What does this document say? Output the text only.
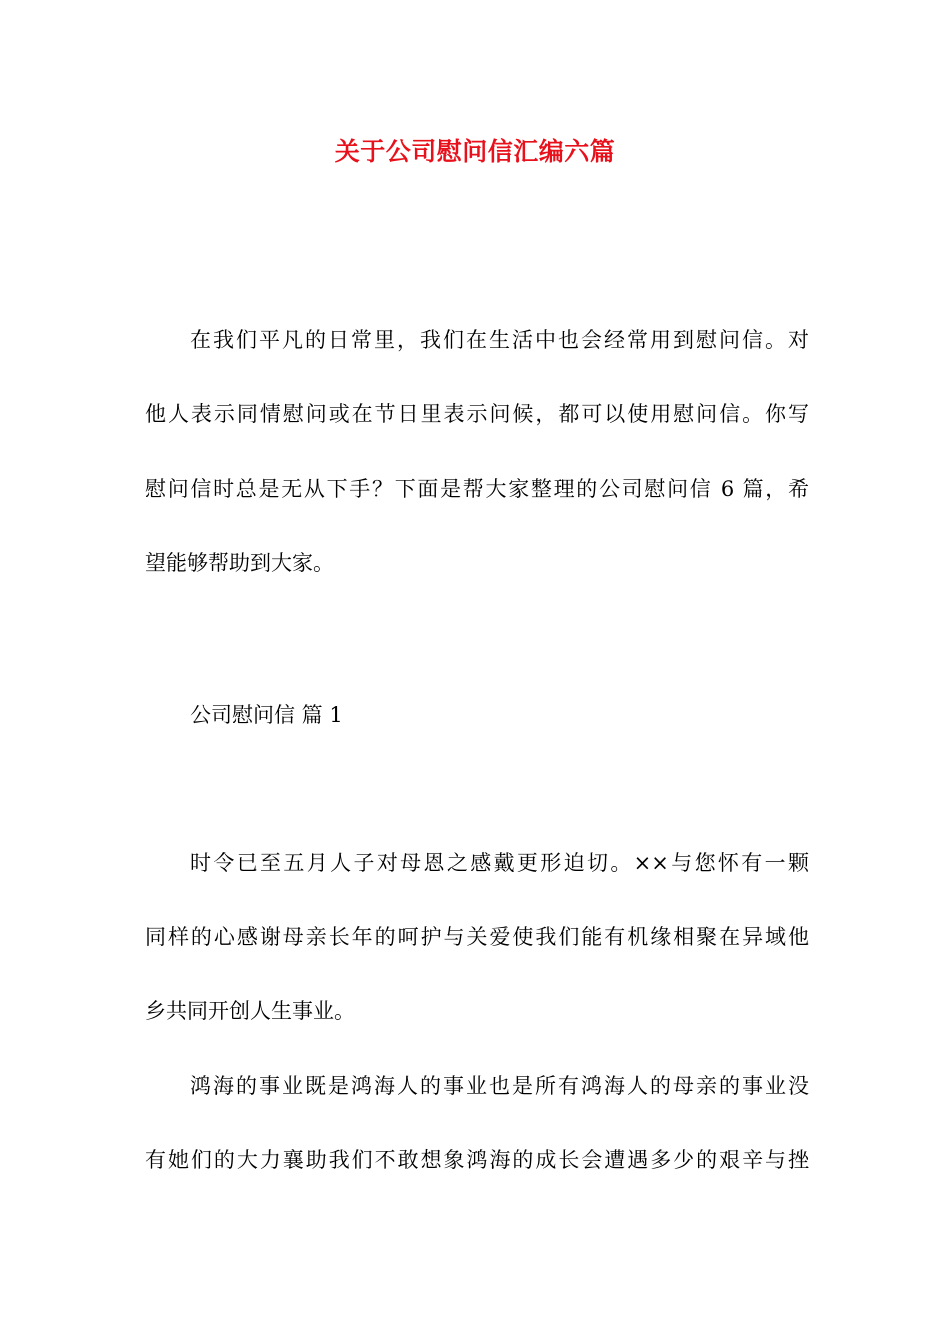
关于公司慰问信汇编六篇
在我们平凡的日常里，我们在生活中也会经常用到慰问信。对
他人表示同情慰问或在节日里表示问候，都可以使用慰问信。你写
慰问信时总是无从下手？下面是帮大家整理的公司慰问信 6 篇，希
望能够帮助到大家。
公司慰问信 篇 1
时令已至五月人子对母恩之感戴更形迫切。××与您怀有一颗
同样的心感谢母亲长年的呵护与关爱使我们能有机缘相聚在异域他
乡共同开创人生事业。
鸿海的事业既是鸿海人的事业也是所有鸿海人的母亲的事业没
有她们的大力襄助我们不敢想象鸿海的成长会遭遇多少的艰辛与挫
